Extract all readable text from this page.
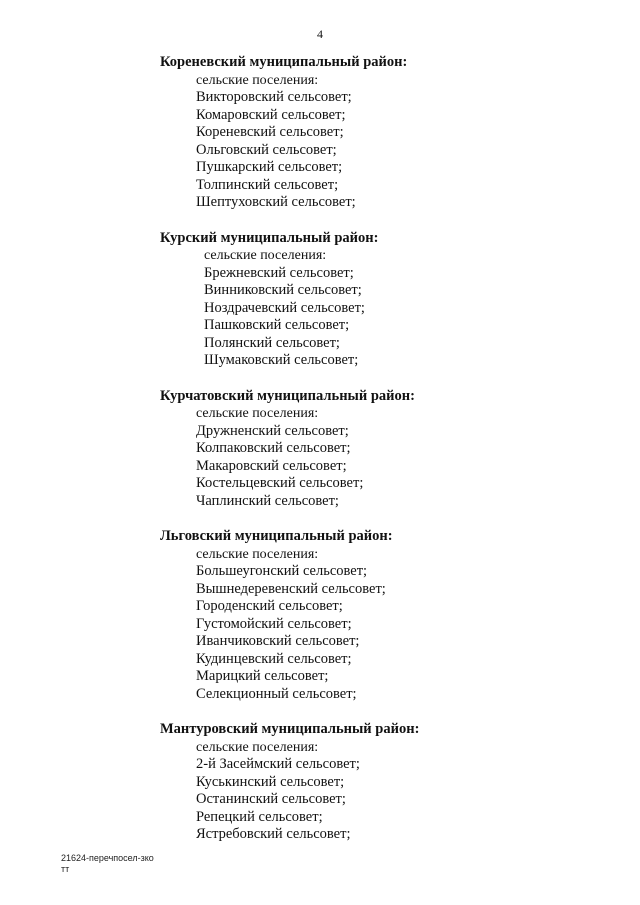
4
Кореневский муниципальный район:
сельские поселения:
Викторовский сельсовет;
Комаровский сельсовет;
Кореневский сельсовет;
Ольговский сельсовет;
Пушкарский сельсовет;
Толпинский сельсовет;
Шептуховский сельсовет;
Курский муниципальный район:
сельские поселения:
Брежневский сельсовет;
Винниковский сельсовет;
Ноздрачевский сельсовет;
Пашковский сельсовет;
Полянский сельсовет;
Шумаковский сельсовет;
Курчатовский муниципальный район:
сельские поселения:
Дружненский сельсовет;
Колпаковский сельсовет;
Макаровский сельсовет;
Костельцевский сельсовет;
Чаплинский сельсовет;
Льговский муниципальный район:
сельские поселения:
Большеугонский сельсовет;
Вышнедеревенский сельсовет;
Городенский сельсовет;
Густомойский сельсовет;
Иванчиковский сельсовет;
Кудинцевский сельсовет;
Марицкий сельсовет;
Селекционный сельсовет;
Мантуровский муниципальный район:
сельские поселения:
2-й Засеймский сельсовет;
Куськинский сельсовет;
Останинский сельсовет;
Репецкий сельсовет;
Ястребовский сельсовет;
21624-перечпосел-зко
тт
